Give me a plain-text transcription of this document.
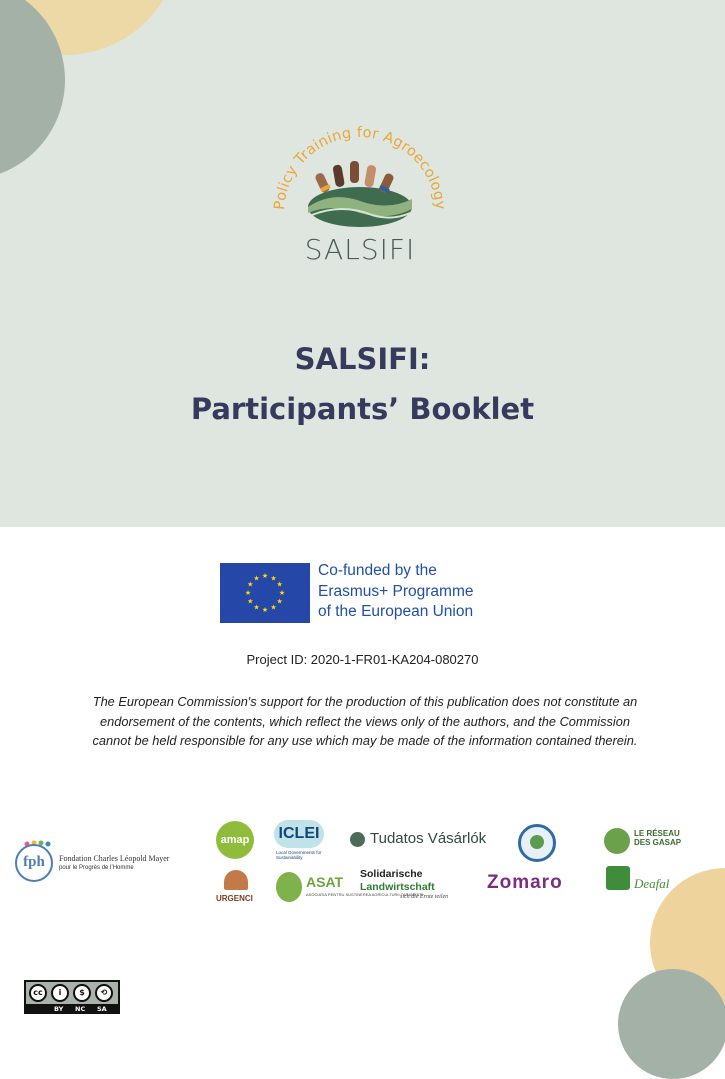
Policy Training for Agroecology
SALSIFI
SALSIFI:
Participants’ Booklet
★ ★
★
★
★
★
★
★
★
★
★
★	Co-funded by the
Erasmus+ Programme
of the European Union
Project ID: 2020-1-FR01-KA204-080270
The European Commission's support for the production of this publication does not constitute an endorsement of the contents, which reflect the views only of the authors, and the Commission cannot be held responsible for any use which may be made of the information contained therein.
fph	Fondation Charles Léopold Mayer
pour le Progrès de l’Homme
amap ICLEI
Local Governments for Sustainability
Tudatos Vásárlók	LE RÉSEAU DES GASAP
URGENCI
ASAT
ASOCIATIA PENTRU SUSTINEREA AGRICULTURII TARANESTI
Solidarische
Landwirtschaft
sich die Ernte teilen
Zomaro	Deafal
cc	i	$	⟲
BY NC SA
